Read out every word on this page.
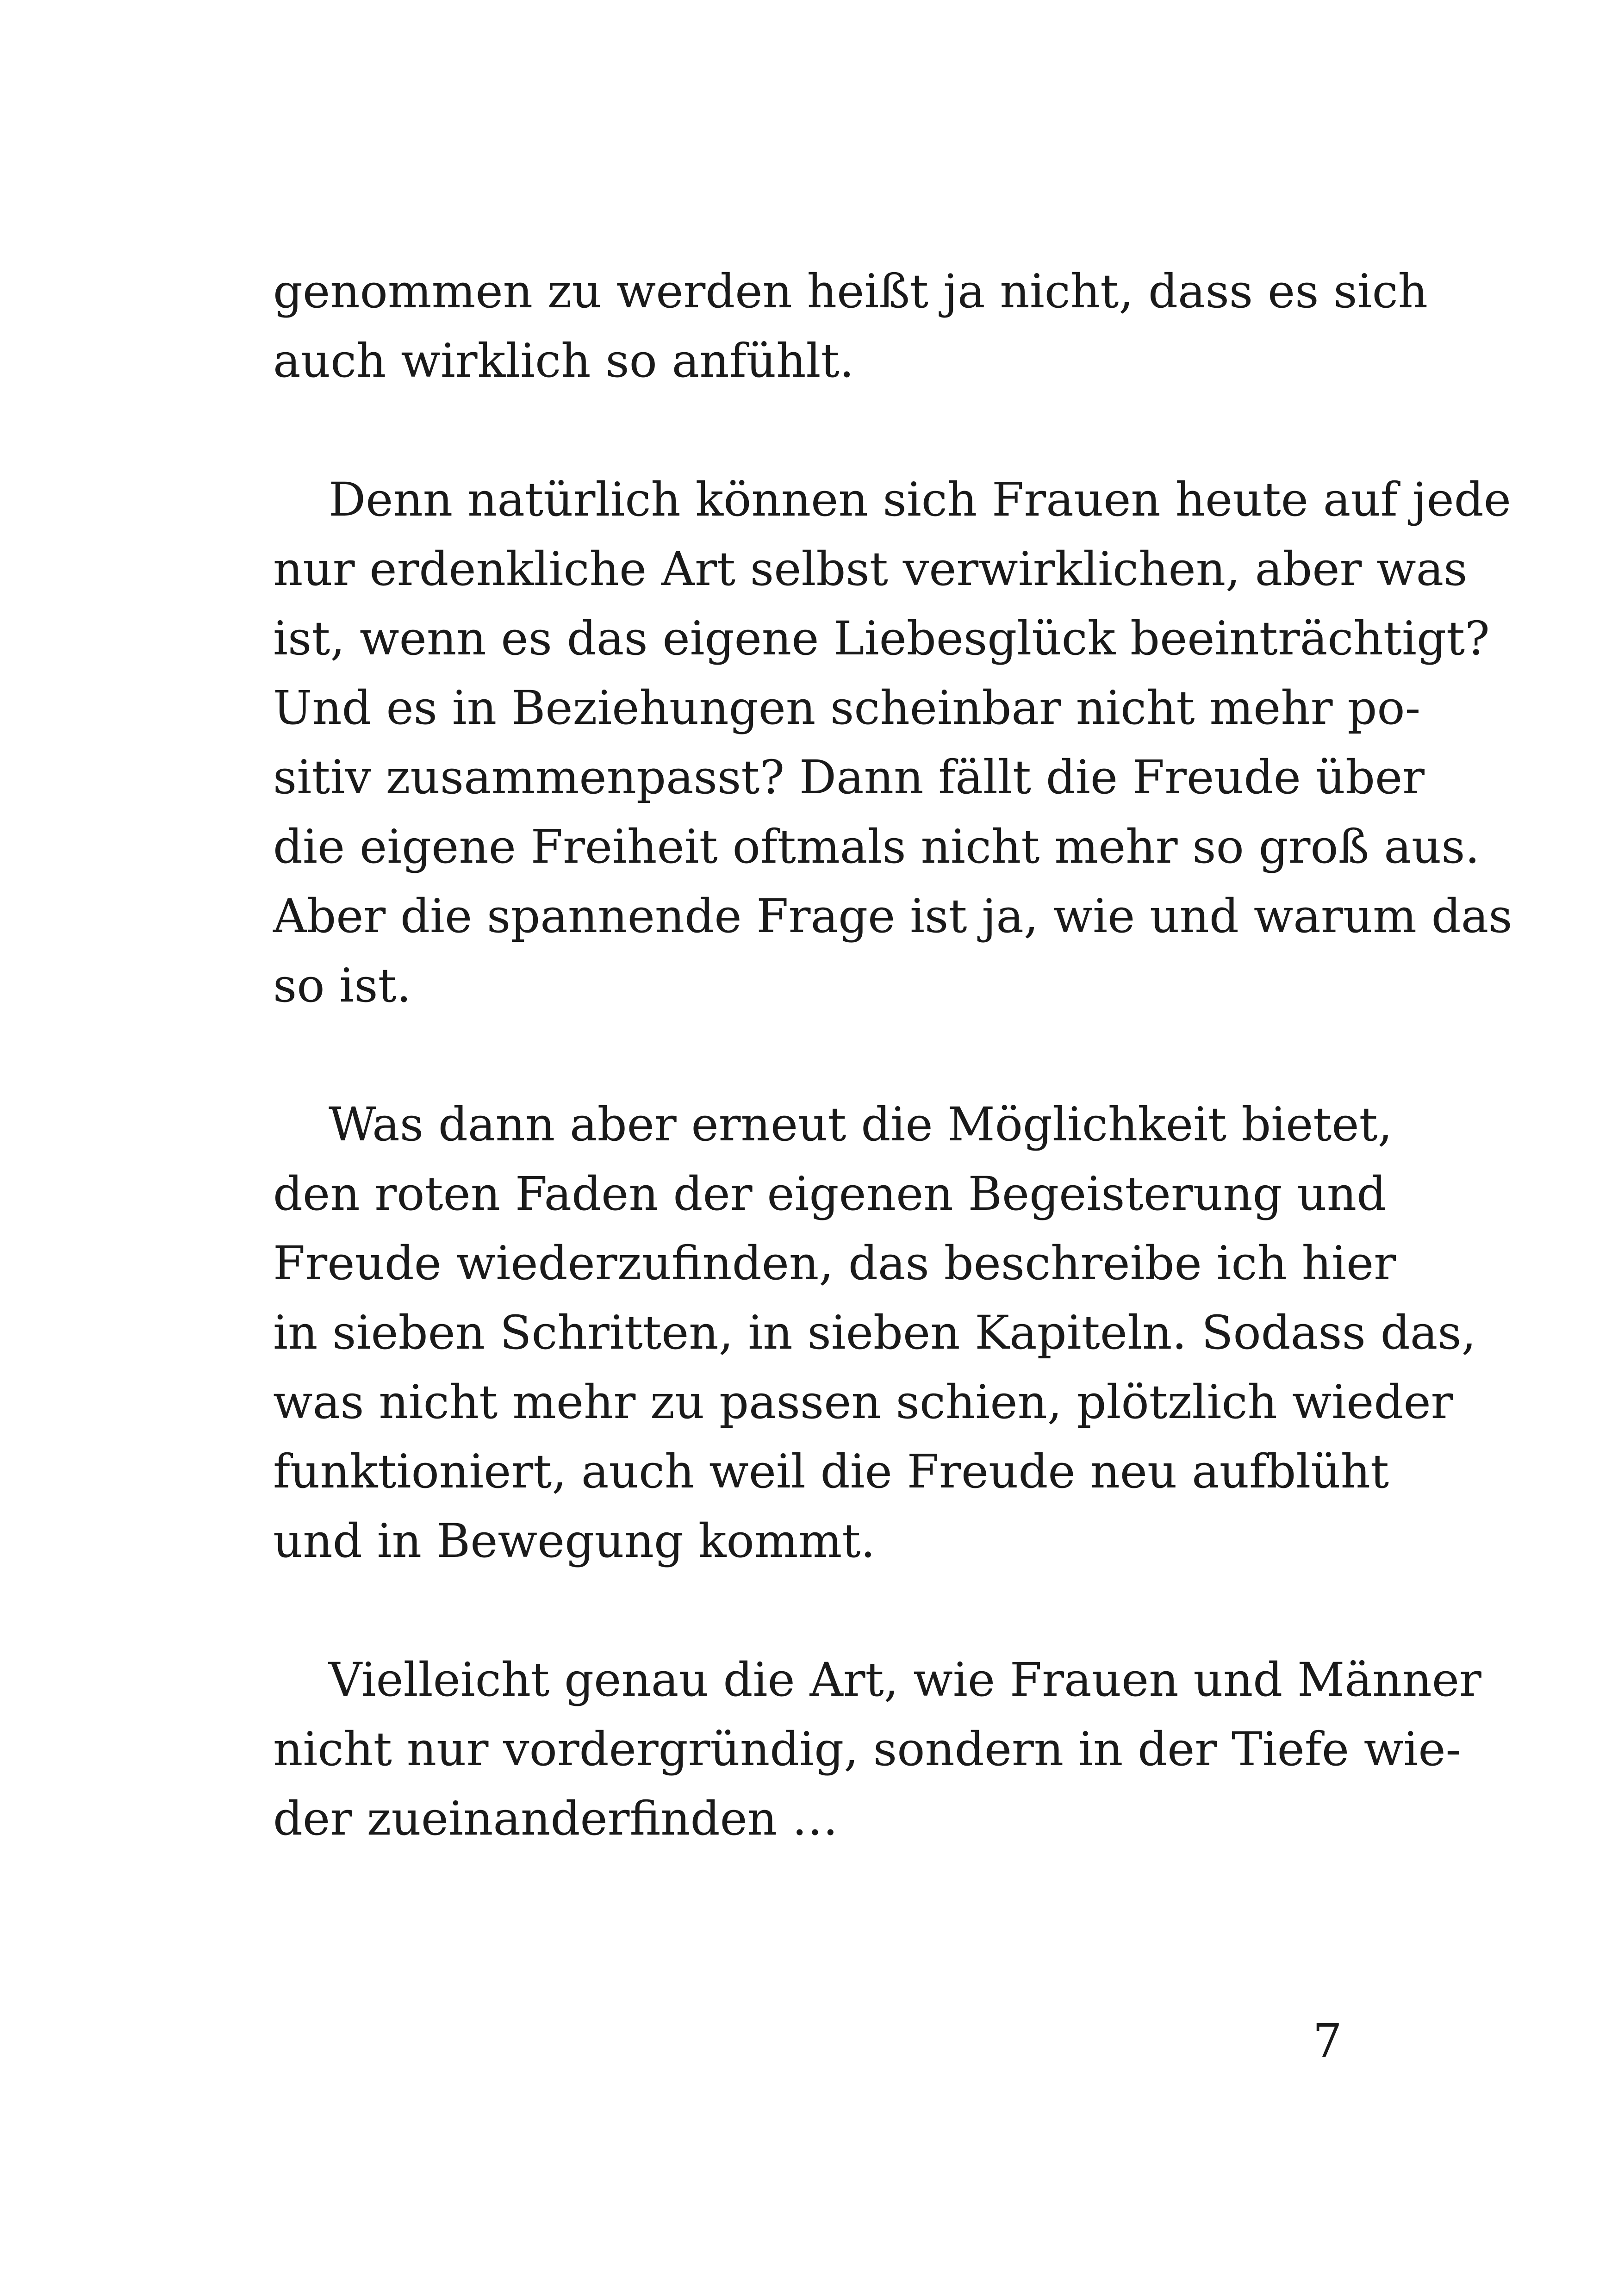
genommen zu werden heißt ja nicht, dass es sich
auch wirklich so anfühlt.
Denn natürlich können sich Frauen heute auf jede
nur erdenkliche Art selbst verwirklichen, aber was
ist, wenn es das eigene Liebesglück beeinträchtigt?
Und es in Beziehungen scheinbar nicht mehr po-
sitiv zusammenpasst? Dann fällt die Freude über
die eigene Freiheit oftmals nicht mehr so groß aus.
Aber die spannende Frage ist ja, wie und warum das
so ist.
Was dann aber erneut die Möglichkeit bietet,
den roten Faden der eigenen Begeisterung und
Freude wiederzufinden, das beschreibe ich hier
in sieben Schritten, in sieben Kapiteln. Sodass das,
was nicht mehr zu passen schien, plötzlich wieder
funktioniert, auch weil die Freude neu aufblüht
und in Bewegung kommt.
Vielleicht genau die Art, wie Frauen und Männer
nicht nur vordergründig, sondern in der Tiefe wie-
der zueinanderfinden …
7
